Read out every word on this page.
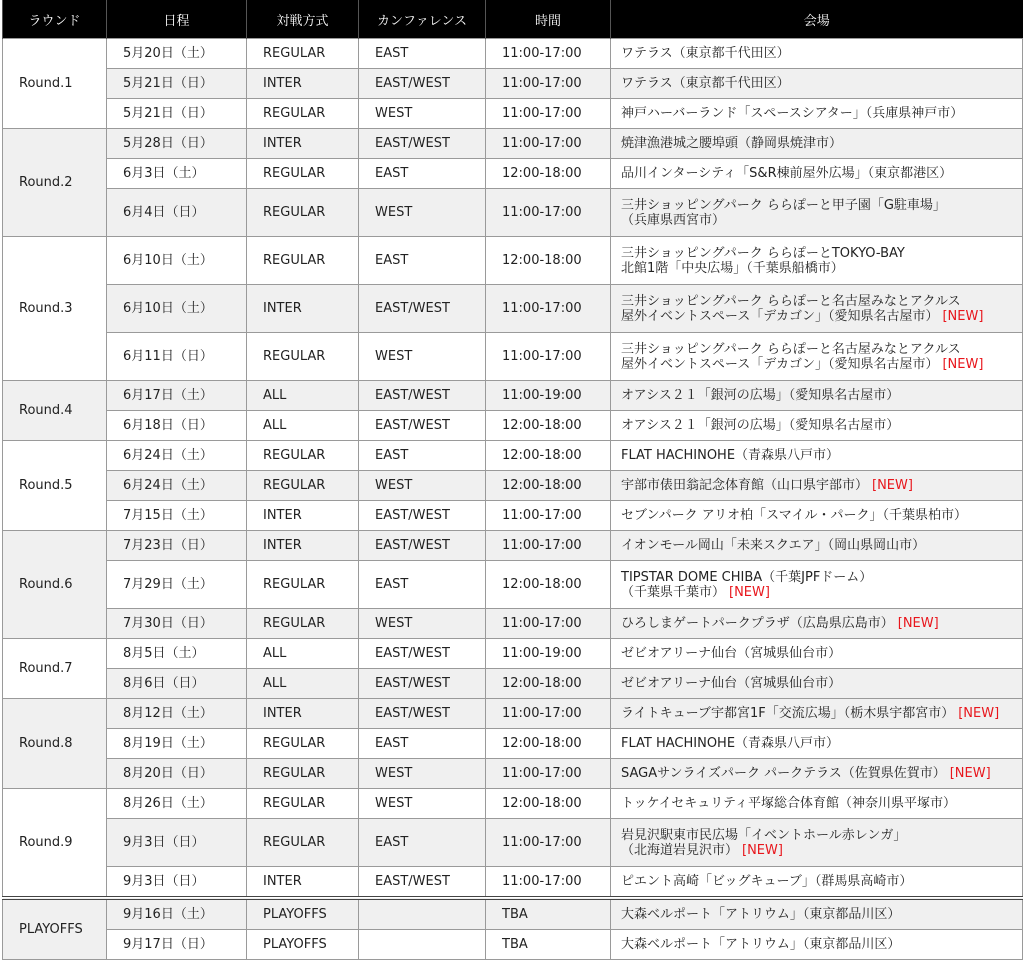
ラウンド	日程	対戦方式	カンファレンス	時間	会場
Round.1	5月20日（土）	REGULAR	EAST	11:00-17:00	ワテラス（東京都千代田区）

	5月21日（日）	INTER	EAST/WEST	11:00-17:00	ワテラス（東京都千代田区）

	5月21日（日）	REGULAR	WEST	11:00-17:00	神戸ハーバーランド「スペースシアター」（兵庫県神戸市）

Round.2	5月28日（日）	INTER	EAST/WEST	11:00-17:00	焼津漁港城之腰埠頭（静岡県焼津市）

	6月3日（土）	REGULAR	EAST	12:00-18:00	品川インターシティ「S&R棟前屋外広場」（東京都港区）

	6月4日（日）	REGULAR	WEST	11:00-17:00	三井ショッピングパーク ららぽーと甲子園「G駐車場」
（兵庫県西宮市）

Round.3	6月10日（土）	REGULAR	EAST	12:00-18:00	三井ショッピングパーク ららぽーとTOKYO-BAY
北館1階「中央広場」（千葉県船橋市）

	6月10日（土）	INTER	EAST/WEST	11:00-17:00	三井ショッピングパーク ららぽーと名古屋みなとアクルス
屋外イベントスペース「デカゴン」（愛知県名古屋市） [NEW]

	6月11日（日）	REGULAR	WEST	11:00-17:00	三井ショッピングパーク ららぽーと名古屋みなとアクルス
屋外イベントスペース「デカゴン」（愛知県名古屋市） [NEW]

Round.4	6月17日（土）	ALL	EAST/WEST	11:00-19:00	オアシス２１「銀河の広場」（愛知県名古屋市）

	6月18日（日）	ALL	EAST/WEST	12:00-18:00	オアシス２１「銀河の広場」（愛知県名古屋市）

Round.5	6月24日（土）	REGULAR	EAST	12:00-18:00	FLAT HACHINOHE（青森県八戸市）

	6月24日（土）	REGULAR	WEST	12:00-18:00	宇部市俵田翁記念体育館（山口県宇部市） [NEW]

	7月15日（土）	INTER	EAST/WEST	11:00-17:00	セブンパーク アリオ柏「スマイル・パーク」（千葉県柏市）

Round.6	7月23日（日）	INTER	EAST/WEST	11:00-17:00	イオンモール岡山「未来スクエア」（岡山県岡山市）

	7月29日（土）	REGULAR	EAST	12:00-18:00	TIPSTAR DOME CHIBA（千葉JPFドーム）
（千葉県千葉市） [NEW]

	7月30日（日）	REGULAR	WEST	11:00-17:00	ひろしまゲートパークプラザ（広島県広島市） [NEW]

Round.7	8月5日（土）	ALL	EAST/WEST	11:00-19:00	ゼビオアリーナ仙台（宮城県仙台市）

	8月6日（日）	ALL	EAST/WEST	12:00-18:00	ゼビオアリーナ仙台（宮城県仙台市）

Round.8	8月12日（土）	INTER	EAST/WEST	11:00-17:00	ライトキューブ宇都宮1F「交流広場」（栃木県宇都宮市） [NEW]

	8月19日（土）	REGULAR	EAST	12:00-18:00	FLAT HACHINOHE（青森県八戸市）

	8月20日（日）	REGULAR	WEST	11:00-17:00	SAGAサンライズパーク パークテラス（佐賀県佐賀市） [NEW]

Round.9	8月26日（土）	REGULAR	WEST	12:00-18:00	トッケイセキュリティ平塚総合体育館（神奈川県平塚市）

	9月3日（日）	REGULAR	EAST	11:00-17:00	岩見沢駅東市民広場「イベントホール赤レンガ」
（北海道岩見沢市） [NEW]

	9月3日（日）	INTER	EAST/WEST	11:00-17:00	ピエント高崎「ビッグキューブ」（群馬県高崎市）

PLAYOFFS	9月16日（土）	PLAYOFFS		TBA	大森ベルポート「アトリウム」（東京都品川区）

	9月17日（日）	PLAYOFFS		TBA	大森ベルポート「アトリウム」（東京都品川区）
